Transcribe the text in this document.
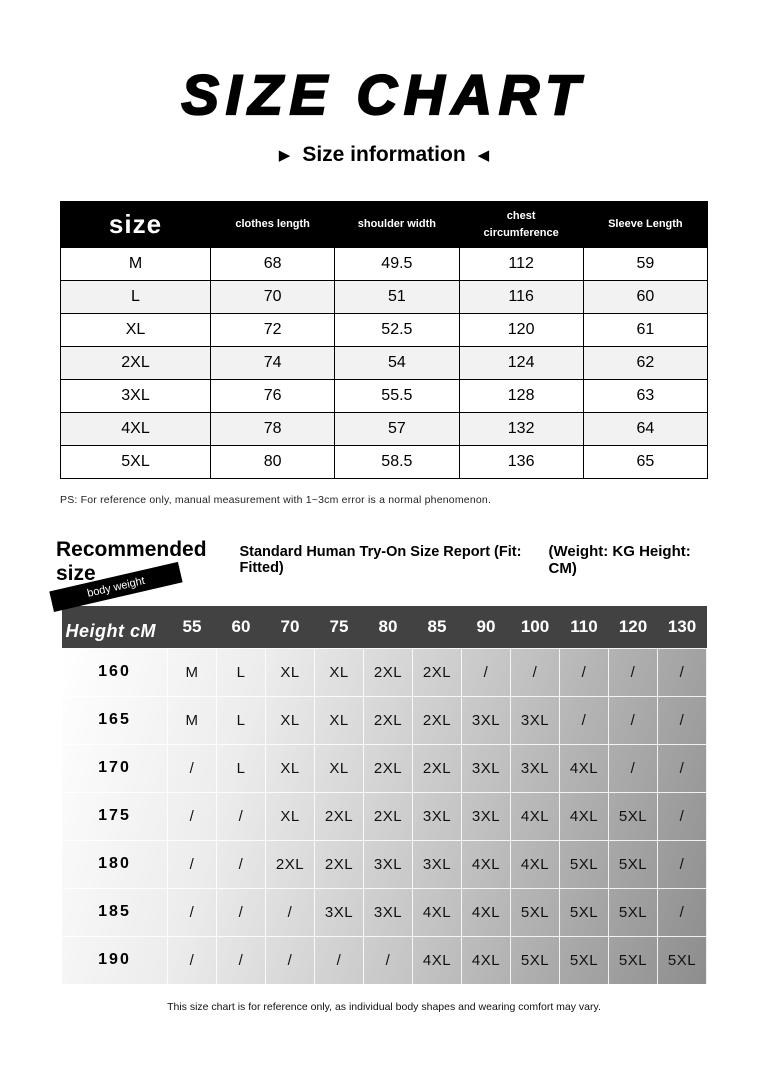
SIZE CHART
▶ Size information ◀
size	clothes length	shoulder width	chest circumference	Sleeve Length
M	68	49.5	112	59
L	70	51	116	60
XL	72	52.5	120	61
2XL	74	54	124	62
3XL	76	55.5	128	63
4XL	78	57	132	64
5XL	80	58.5	136	65

PS: For reference only, manual measurement with 1~3cm error is a normal phenomenon.

Recommended size
Standard Human Try-On Size Report (Fit: Fitted)
(Weight: KG Height: CM)
body weight
Height cM	55	60	70	75	80	85	90	100	110	120	130
160	M	L	XL	XL	2XL	2XL	/	/	/	/	/
165	M	L	XL	XL	2XL	2XL	3XL	3XL	/	/	/
170	/	L	XL	XL	2XL	2XL	3XL	3XL	4XL	/	/
175	/	/	XL	2XL	2XL	3XL	3XL	4XL	4XL	5XL	/
180	/	/	2XL	2XL	3XL	3XL	4XL	4XL	5XL	5XL	/
185	/	/	/	3XL	3XL	4XL	4XL	5XL	5XL	5XL	/
190	/	/	/	/	/	4XL	4XL	5XL	5XL	5XL	5XL

This size chart is for reference only, as individual body shapes and wearing comfort may vary.
